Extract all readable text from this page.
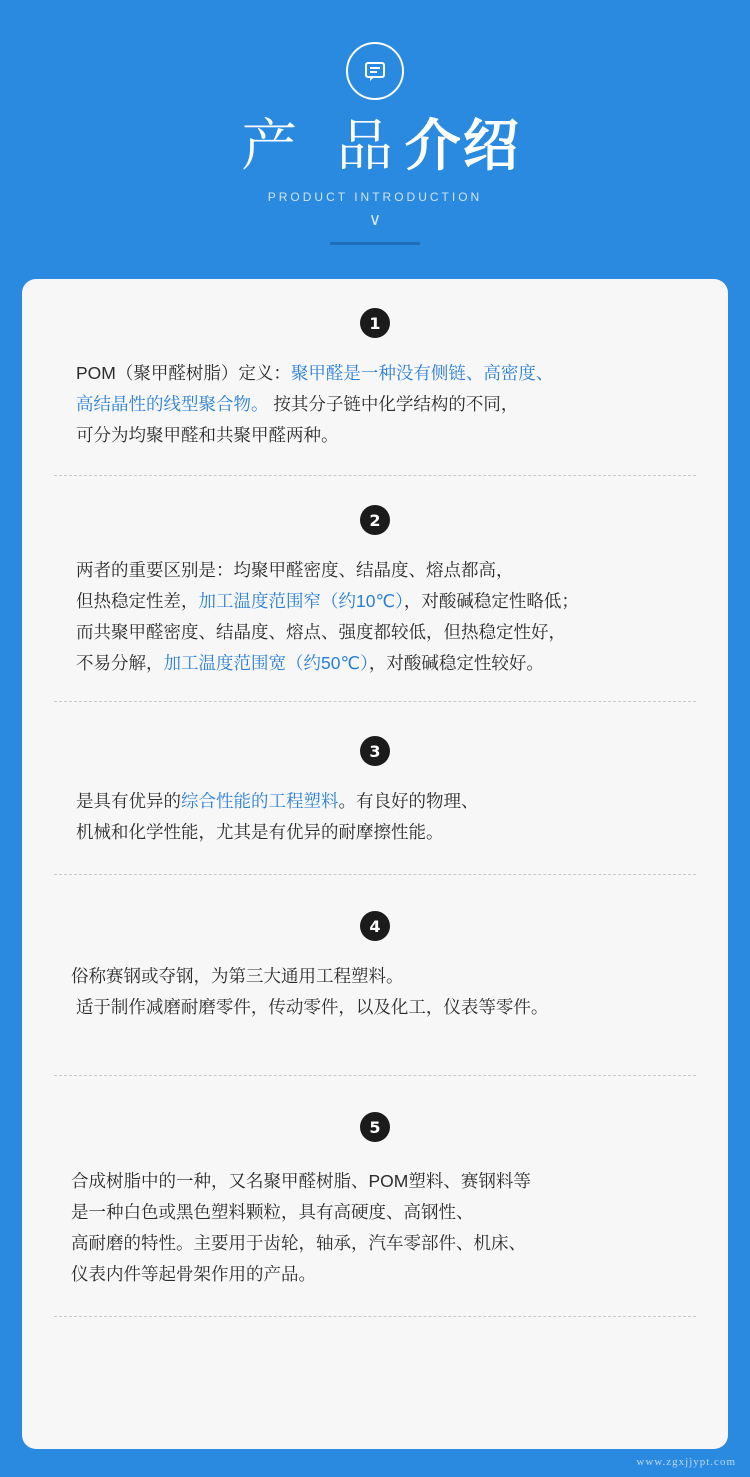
产 品 介绍
PRODUCT INTRODUCTION
∨
1
POM（聚甲醛树脂）定义：聚甲醛是一种没有侧链、高密度、
高结晶性的线型聚合物。 按其分子链中化学结构的不同，
可分为均聚甲醛和共聚甲醛两种。
2
两者的重要区别是：均聚甲醛密度、结晶度、熔点都高，
但热稳定性差，加工温度范围窄（约10℃），对酸碱稳定性略低；
而共聚甲醛密度、结晶度、熔点、强度都较低，但热稳定性好，
不易分解，加工温度范围宽（约50℃），对酸碱稳定性较好。
3
是具有优异的综合性能的工程塑料。有良好的物理、
机械和化学性能，尤其是有优异的耐摩擦性能。
4
俗称赛钢或夺钢，为第三大通用工程塑料。
适于制作减磨耐磨零件，传动零件，以及化工，仪表等零件。
5
合成树脂中的一种，又名聚甲醛树脂、POM塑料、赛钢料等
是一种白色或黑色塑料颗粒，具有高硬度、高钢性、
高耐磨的特性。主要用于齿轮，轴承，汽车零部件、机床、
仪表内件等起骨架作用的产品。
www.zgxjjypt.com
